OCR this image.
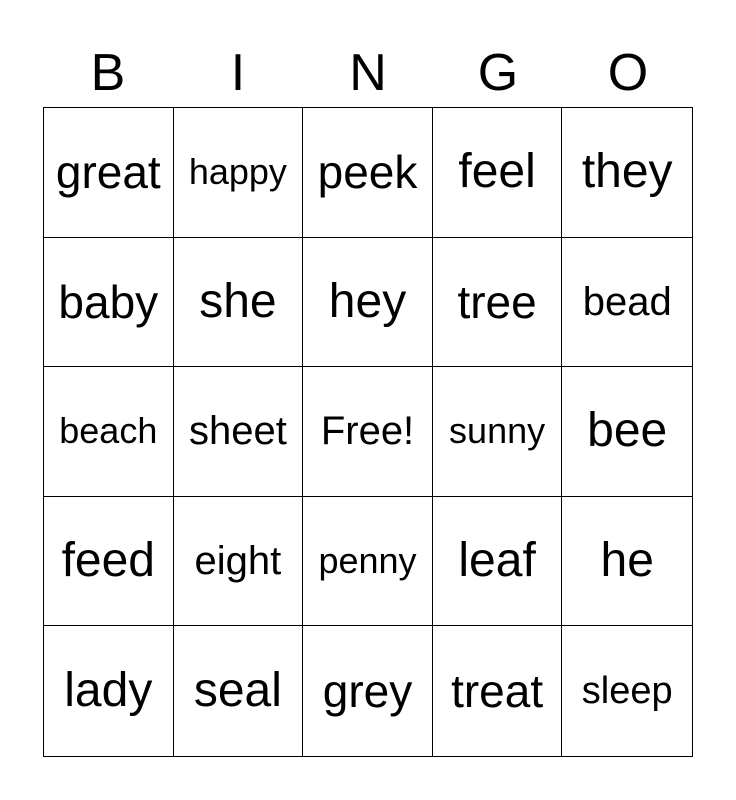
B	I	N	G	O
great happy peek feel they
baby she	hey	tree	bead
beach sheet Free! sunny bee
feed eight	penny leaf	he
lady seal grey treat	sleep
